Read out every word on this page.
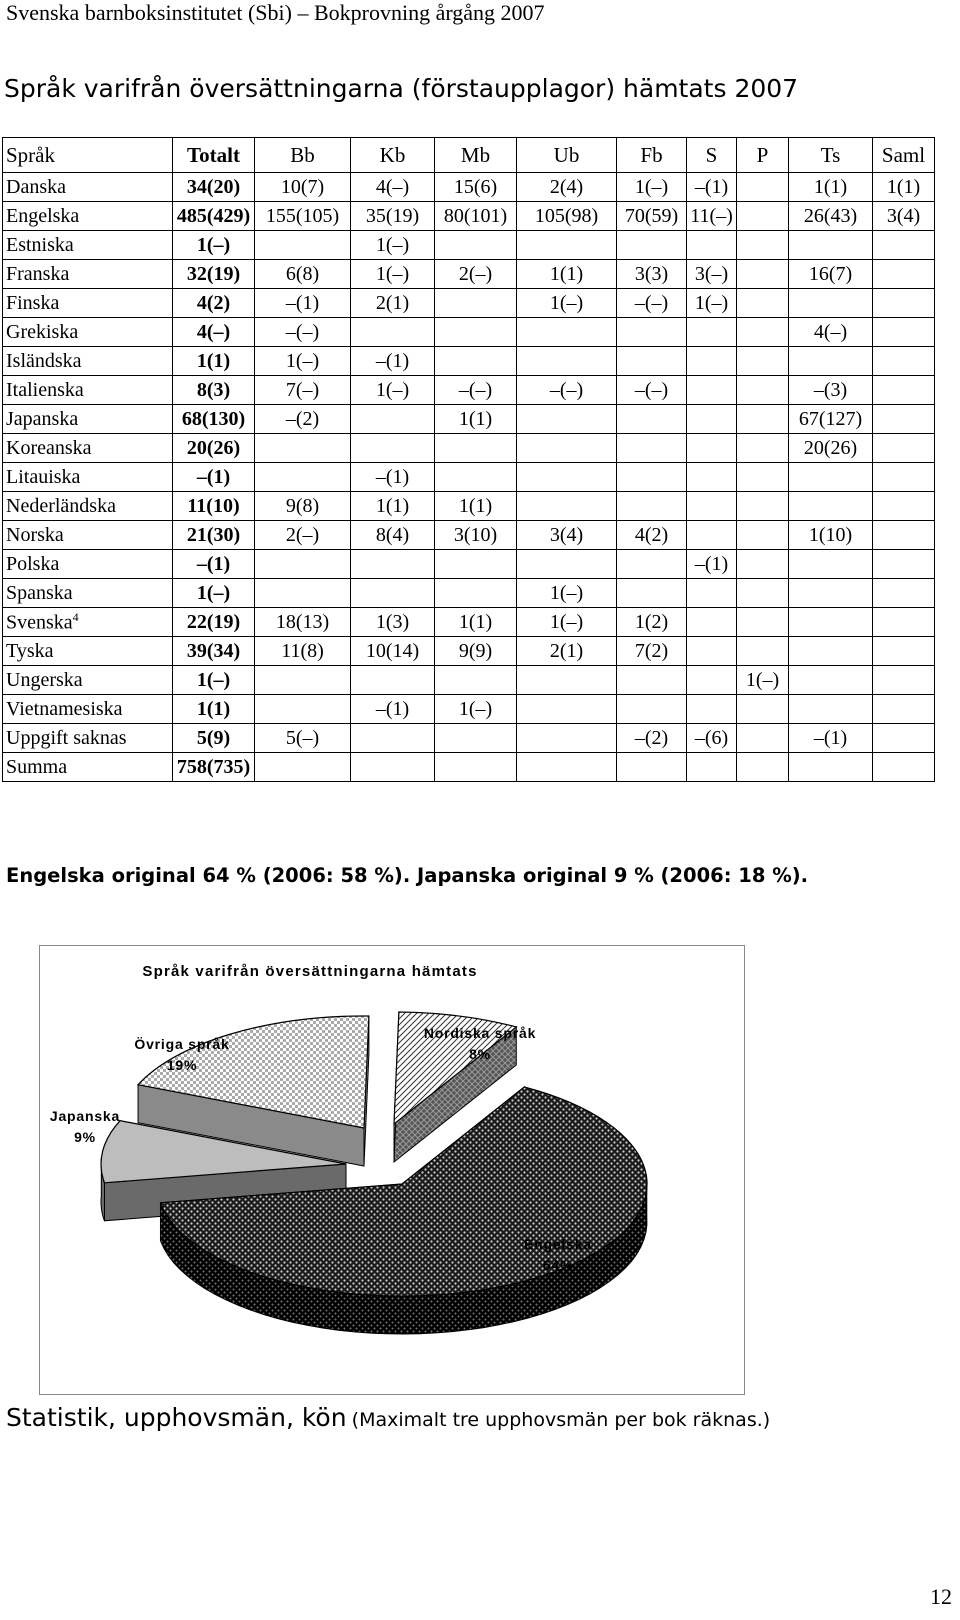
Svenska barnboksinstitutet (Sbi) – Bokprovning årgång 2007
Språk varifrån översättningarna (förstaupplagor) hämtats 2007
Språk	Totalt	Bb	Kb	Mb	Ub	Fb	S	P	Ts	Saml
Danska	34(20)	10(7)	4(–)	15(6)	2(4)	1(–)	–(1)		1(1)	1(1)
Engelska	485(429)	155(105)	35(19)	80(101)	105(98)	70(59)	11(–)		26(43)	3(4)
Estniska	1(–)		1(–)							
Franska	32(19)	6(8)	1(–)	2(–)	1(1)	3(3)	3(–)		16(7)	
Finska	4(2)	–(1)	2(1)		1(–)	–(–)	1(–)			
Grekiska	4(–)	–(–)							4(–)	
Isländska	1(1)	1(–)	–(1)							
Italienska	8(3)	7(–)	1(–)	–(–)	–(–)	–(–)			–(3)	
Japanska	68(130)	–(2)		1(1)					67(127)	
Koreanska	20(26)								20(26)	
Litauiska	–(1)		–(1)							
Nederländska	11(10)	9(8)	1(1)	1(1)						
Norska	21(30)	2(–)	8(4)	3(10)	3(4)	4(2)			1(10)	
Polska	–(1)						–(1)			
Spanska	1(–)				1(–)					
Svenska$^4$	22(19)	18(13)	1(3)	1(1)	1(–)	1(2)				
Tyska	39(34)	11(8)	10(14)	9(9)	2(1)	7(2)				
Ungerska	1(–)							1(–)		
Vietnamesiska	1(1)		–(1)	1(–)						
Uppgift saknas	5(9)	5(–)				–(2)	–(6)		–(1)	
Summa	758(735)									
Engelska original 64 % (2006: 58 %). Japanska original 9 % (2006: 18 %).
Språk varifrån översättningarna hämtats
Engelska
64%
Japanska
9%
Övriga språk
19%
Nordiska språk
8%
Statistik, upphovsmän, kön (Maximalt tre upphovsmän per bok räknas.)
12
